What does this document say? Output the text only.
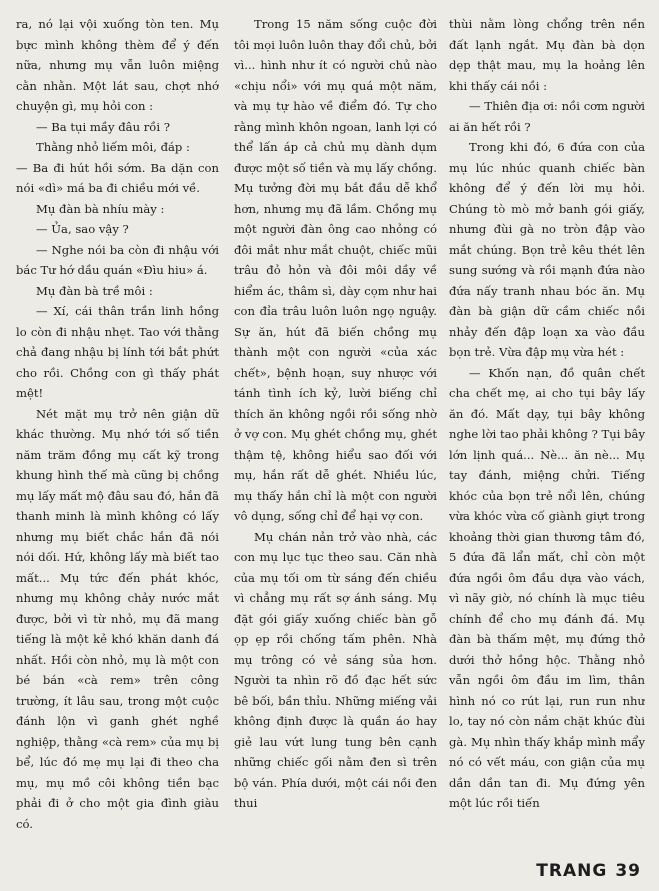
ra, nó lại vội xuống tòn ten. Mụ bực mình không thèm để ý đến nữa, nhưng mụ vẫn luôn miệng cằn nhằn. Một lát sau, chợt nhớ chuyện gì, mụ hỏi con :

— Ba tụi mầy đâu rồi ?

Thằng nhỏ liếm môi, đáp :

— Ba đi hút hồi sớm. Ba dặn con nói «dì» má ba đi chiều mới về.

Mụ đàn bà nhíu mày :

— Ủa, sao vậy ?

— Nghe nói ba còn đi nhậu với bác Tư hớ dầu quán «Đìu hiu» á.

Mụ đàn bà trề môi :

— Xí, cái thân trần linh hồng lo còn đi nhậu nhẹt. Tao với thằng chả đang nhậu bị lính tới bắt phứt cho rồi. Chồng con gì thấy phát mệt!

Nét mặt mụ trở nên giận dữ khác thường. Mụ nhớ tới số tiền năm trăm đồng mụ cất kỹ trong khung hình thế mà cũng bị chồng mụ lấy mất mộ đâu sau đó, hắn đã thanh minh là mình không có lấy nhưng mụ biết chắc hắn đã nói nói dối. Hứ, không lấy mà biết tao mất... Mụ tức đến phát khóc, nhưng mụ không chảy nước mắt được, bởi vì từ nhỏ, mụ đã mang tiếng là một kẻ khó khăn danh đá nhất. Hồi còn nhỏ, mụ là một con bé bán «cà rem» trên công trường, ít lâu sau, trong một cuộc đánh lộn vì ganh ghét nghề nghiệp, thằng «cà rem» của mụ bị bể, lúc đó mẹ mụ lại đi theo cha mụ, mụ mồ côi không tiền bạc phải đi ở cho một gia đình giàu có.

Trong 15 năm sống cuộc đời tôi mọi luôn luôn thay đổi chủ, bởi vì... hình như ít có người chủ nào «chịu nổi» với mụ quá một năm, và mụ tự hào về điểm đó. Tự cho rằng mình khôn ngoan, lanh lợi có thể lấn áp cả chủ mụ dành dụm được một số tiền và mụ lấy chồng. Mụ tưởng đời mụ bắt đầu dễ khổ hơn, nhưng mụ đã lầm. Chồng mụ một người đàn ông cao nhỏng có đôi mắt như mắt chuột, chiếc mũi trâu đỏ hỏn và đôi môi dầy về hiểm ác, thâm sì, dày cọm như hai con đỉa trâu luôn luôn ngọ nguậy. Sự ăn, hút đã biến chồng mụ thành một con người «của xác chết», bệnh hoạn, suy nhược với tánh tình ích kỷ, lười biếng chỉ thích ăn không ngồi rồi sống nhờ ở vợ con. Mụ ghét chồng mụ, ghét thậm tệ, không hiểu sao đối với mụ, hắn rất dễ ghét. Nhiều lúc, mụ thấy hắn chỉ là một con người vô dụng, sống chỉ để hại vợ con.

Mụ chán nản trở vào nhà, các con mụ lục tục theo sau. Căn nhà của mụ tối om từ sáng đến chiều vì chẳng mụ rất sợ ánh sáng. Mụ đặt gói giấy xuống chiếc bàn gỗ ọp ẹp rồi chống tấm phên. Nhà mụ trông có vẻ sáng sủa hơn. Người ta nhìn rõ đồ đạc hết sức bê bối, bần thỉu. Những miếng vải không định được là quần áo hay giẻ lau vứt lung tung bên cạnh những chiếc gối nằm đen sì trên bộ ván. Phía dưới, một cái nồi đen thui

thùi nằm lòng chổng trên nền đất lạnh ngắt. Mụ đàn bà dọn dẹp thật mau, mụ la hoảng lên khi thấy cái nồi :

— Thiên địa ơi: nồi cơm người ai ăn hết rồi ?

Trong khi đó, 6 đứa con của mụ lúc nhúc quanh chiếc bàn không để ý đến lời mụ hỏi. Chúng tò mò mở banh gói giấy, nhưng đùi gà no tròn đập vào mắt chúng. Bọn trẻ kêu thét lên sung sướng và rồi mạnh đứa nào đứa nấy tranh nhau bóc ăn. Mụ đàn bà giận dữ cầm chiếc nồi nhảy đến đập loạn xa vào đầu bọn trẻ. Vừa đập mụ vừa hét :

— Khốn nạn, đồ quân chết cha chết mẹ, ai cho tụi bây lấy ăn đó. Mất dạy, tụi bây không nghe lời tao phải không ? Tụi bây lớn lịnh quá... Nè... ăn nè... Mụ tay đánh, miệng chửi. Tiếng khóc của bọn trẻ nổi lên, chúng vừa khóc vừa cố giành giựt trong khoảng thời gian thương tâm đó, 5 đứa đã lẩn mất, chỉ còn một đứa ngồi ôm đầu dựa vào vách, vì nãy giờ, nó chính là mục tiêu chính để cho mụ đánh đá. Mụ đàn bà thấm mệt, mụ đứng thở dưới thở hồng hộc. Thằng nhỏ vẫn ngồi ôm đầu im lìm, thân hình nó co rút lại, run run như lo, tay nó còn nắm chặt khúc đùi gà. Mụ nhìn thấy khắp mình mẩy nó có vết máu, con giận của mụ dần dần tan đi. Mụ đứng yên một lúc rồi tiến

TRANG 39
